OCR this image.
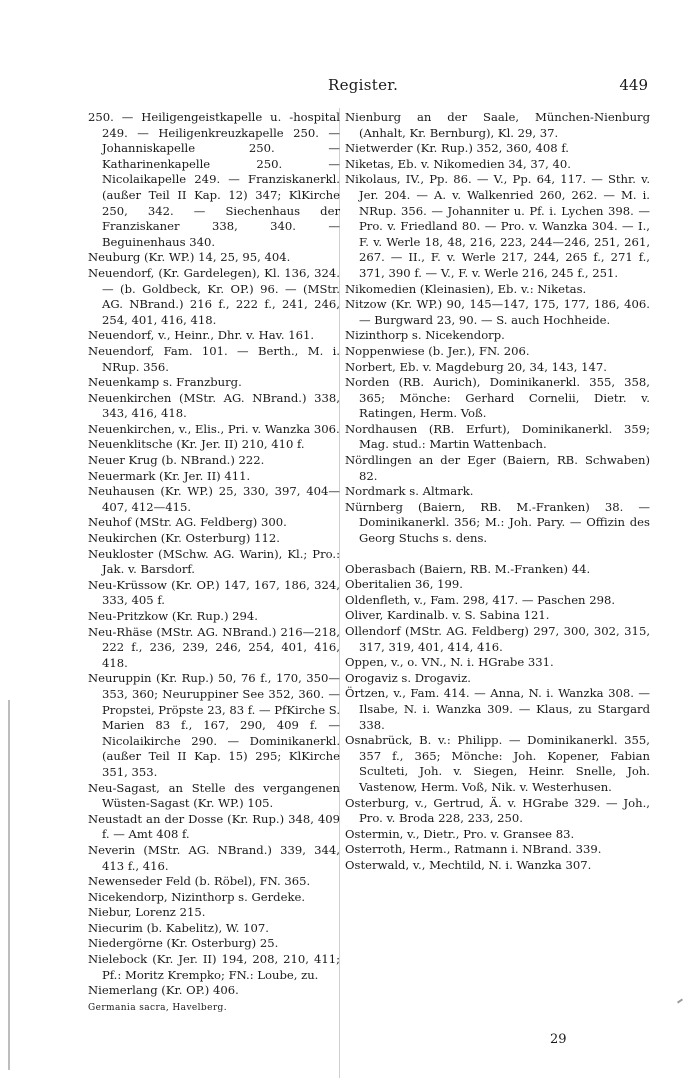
Register.	449

250. — Heiligengeistkapelle u. -hospital 249. — Heiligenkreuzkapelle 250. — Johanniskapelle 250. — Katharinenkapelle 250. — Nicolaikapelle 249. — Franziskanerkl. (außer Teil II Kap. 12) 347; KlKirche 250, 342. — Siechenhaus der Franziskaner 338, 340. — Beguinenhaus 340.

Neuburg (Kr. WP.) 14, 25, 95, 404.

Neuendorf, (Kr. Gardelegen), Kl. 136, 324. — (b. Goldbeck, Kr. OP.) 96. — (MStr. AG. NBrand.) 216 f., 222 f., 241, 246, 254, 401, 416, 418.

Neuendorf, v., Heinr., Dhr. v. Hav. 161.

Neuendorf, Fam. 101. — Berth., M. i. NRup. 356.

Neuenkamp s. Franzburg.

Neuenkirchen (MStr. AG. NBrand.) 338, 343, 416, 418.

Neuenkirchen, v., Elis., Pri. v. Wanzka 306.

Neuenklitsche (Kr. Jer. II) 210, 410 f.

Neuer Krug (b. NBrand.) 222.

Neuermark (Kr. Jer. II) 411.

Neuhausen (Kr. WP.) 25, 330, 397, 404—407, 412—415.

Neuhof (MStr. AG. Feldberg) 300.

Neukirchen (Kr. Osterburg) 112.

Neukloster (MSchw. AG. Warin), Kl.; Pro.: Jak. v. Barsdorf.

Neu-Krüssow (Kr. OP.) 147, 167, 186, 324, 333, 405 f.

Neu-Pritzkow (Kr. Rup.) 294.

Neu-Rhäse (MStr. AG. NBrand.) 216—218, 222 f., 236, 239, 246, 254, 401, 416, 418.

Neuruppin (Kr. Rup.) 50, 76 f., 170, 350—353, 360; Neuruppiner See 352, 360. — Propstei, Pröpste 23, 83 f. — PfKirche S. Marien 83 f., 167, 290, 409 f. — Nicolaikirche 290. — Dominikanerkl. (außer Teil II Kap. 15) 295; KlKirche 351, 353.

Neu-Sagast, an Stelle des vergangenen Wüsten-Sagast (Kr. WP.) 105.

Neustadt an der Dosse (Kr. Rup.) 348, 409 f. — Amt 408 f.

Neverin (MStr. AG. NBrand.) 339, 344, 413 f., 416.

Newenseder Feld (b. Röbel), FN. 365.

Nicekendorp, Nizinthorp s. Gerdeke.

Niebur, Lorenz 215.

Niecurim (b. Kabelitz), W. 107.

Niedergörne (Kr. Osterburg) 25.

Nielebock (Kr. Jer. II) 194, 208, 210, 411; Pf.: Moritz Krempko; FN.: Loube, zu.

Niemerlang (Kr. OP.) 406.

Germania sacra, Havelberg.

Nienburg an der Saale, München-Nienburg (Anhalt, Kr. Bernburg), Kl. 29, 37.

Nietwerder (Kr. Rup.) 352, 360, 408 f.

Niketas, Eb. v. Nikomedien 34, 37, 40.

Nikolaus, IV., Pp. 86. — V., Pp. 64, 117. — Sthr. v. Jer. 204. — A. v. Walkenried 260, 262. — M. i. NRup. 356. — Johanniter u. Pf. i. Lychen 398. — Pro. v. Friedland 80. — Pro. v. Wanzka 304. — I., F. v. Werle 18, 48, 216, 223, 244—246, 251, 261, 267. — II., F. v. Werle 217, 244, 265 f., 271 f., 371, 390 f. — V., F. v. Werle 216, 245 f., 251.

Nikomedien (Kleinasien), Eb. v.: Niketas.

Nitzow (Kr. WP.) 90, 145—147, 175, 177, 186, 406. — Burgward 23, 90. — S. auch Hochheide.

Nizinthorp s. Nicekendorp.

Noppenwiese (b. Jer.), FN. 206.

Norbert, Eb. v. Magdeburg 20, 34, 143, 147.

Norden (RB. Aurich), Dominikanerkl. 355, 358, 365; Mönche: Gerhard Cornelii, Dietr. v. Ratingen, Herm. Voß.

Nordhausen (RB. Erfurt), Dominikanerkl. 359; Mag. stud.: Martin Wattenbach.

Nördlingen an der Eger (Baiern, RB. Schwaben) 82.

Nordmark s. Altmark.

Nürnberg (Baiern, RB. M.-Franken) 38. — Dominikanerkl. 356; M.: Joh. Pary. — Offizin des Georg Stuchs s. dens.

Oberasbach (Baiern, RB. M.-Franken) 44.

Oberitalien 36, 199.

Oldenfleth, v., Fam. 298, 417. — Paschen 298.

Oliver, Kardinalb. v. S. Sabina 121.

Ollendorf (MStr. AG. Feldberg) 297, 300, 302, 315, 317, 319, 401, 414, 416.

Oppen, v., o. VN., N. i. HGrabe 331.

Orogaviz s. Drogaviz.

Örtzen, v., Fam. 414. — Anna, N. i. Wanzka 308. — Ilsabe, N. i. Wanzka 309. — Klaus, zu Stargard 338.

Osnabrück, B. v.: Philipp. — Dominikanerkl. 355, 357 f., 365; Mönche: Joh. Kopener, Fabian Sculteti, Joh. v. Siegen, Heinr. Snelle, Joh. Vastenow, Herm. Voß, Nik. v. Westerhusen.

Osterburg, v., Gertrud, Ä. v. HGrabe 329. — Joh., Pro. v. Broda 228, 233, 250.

Ostermin, v., Dietr., Pro. v. Gransee 83.

Osterroth, Herm., Ratmann i. NBrand. 339.

Osterwald, v., Mechtild, N. i. Wanzka 307.

29
